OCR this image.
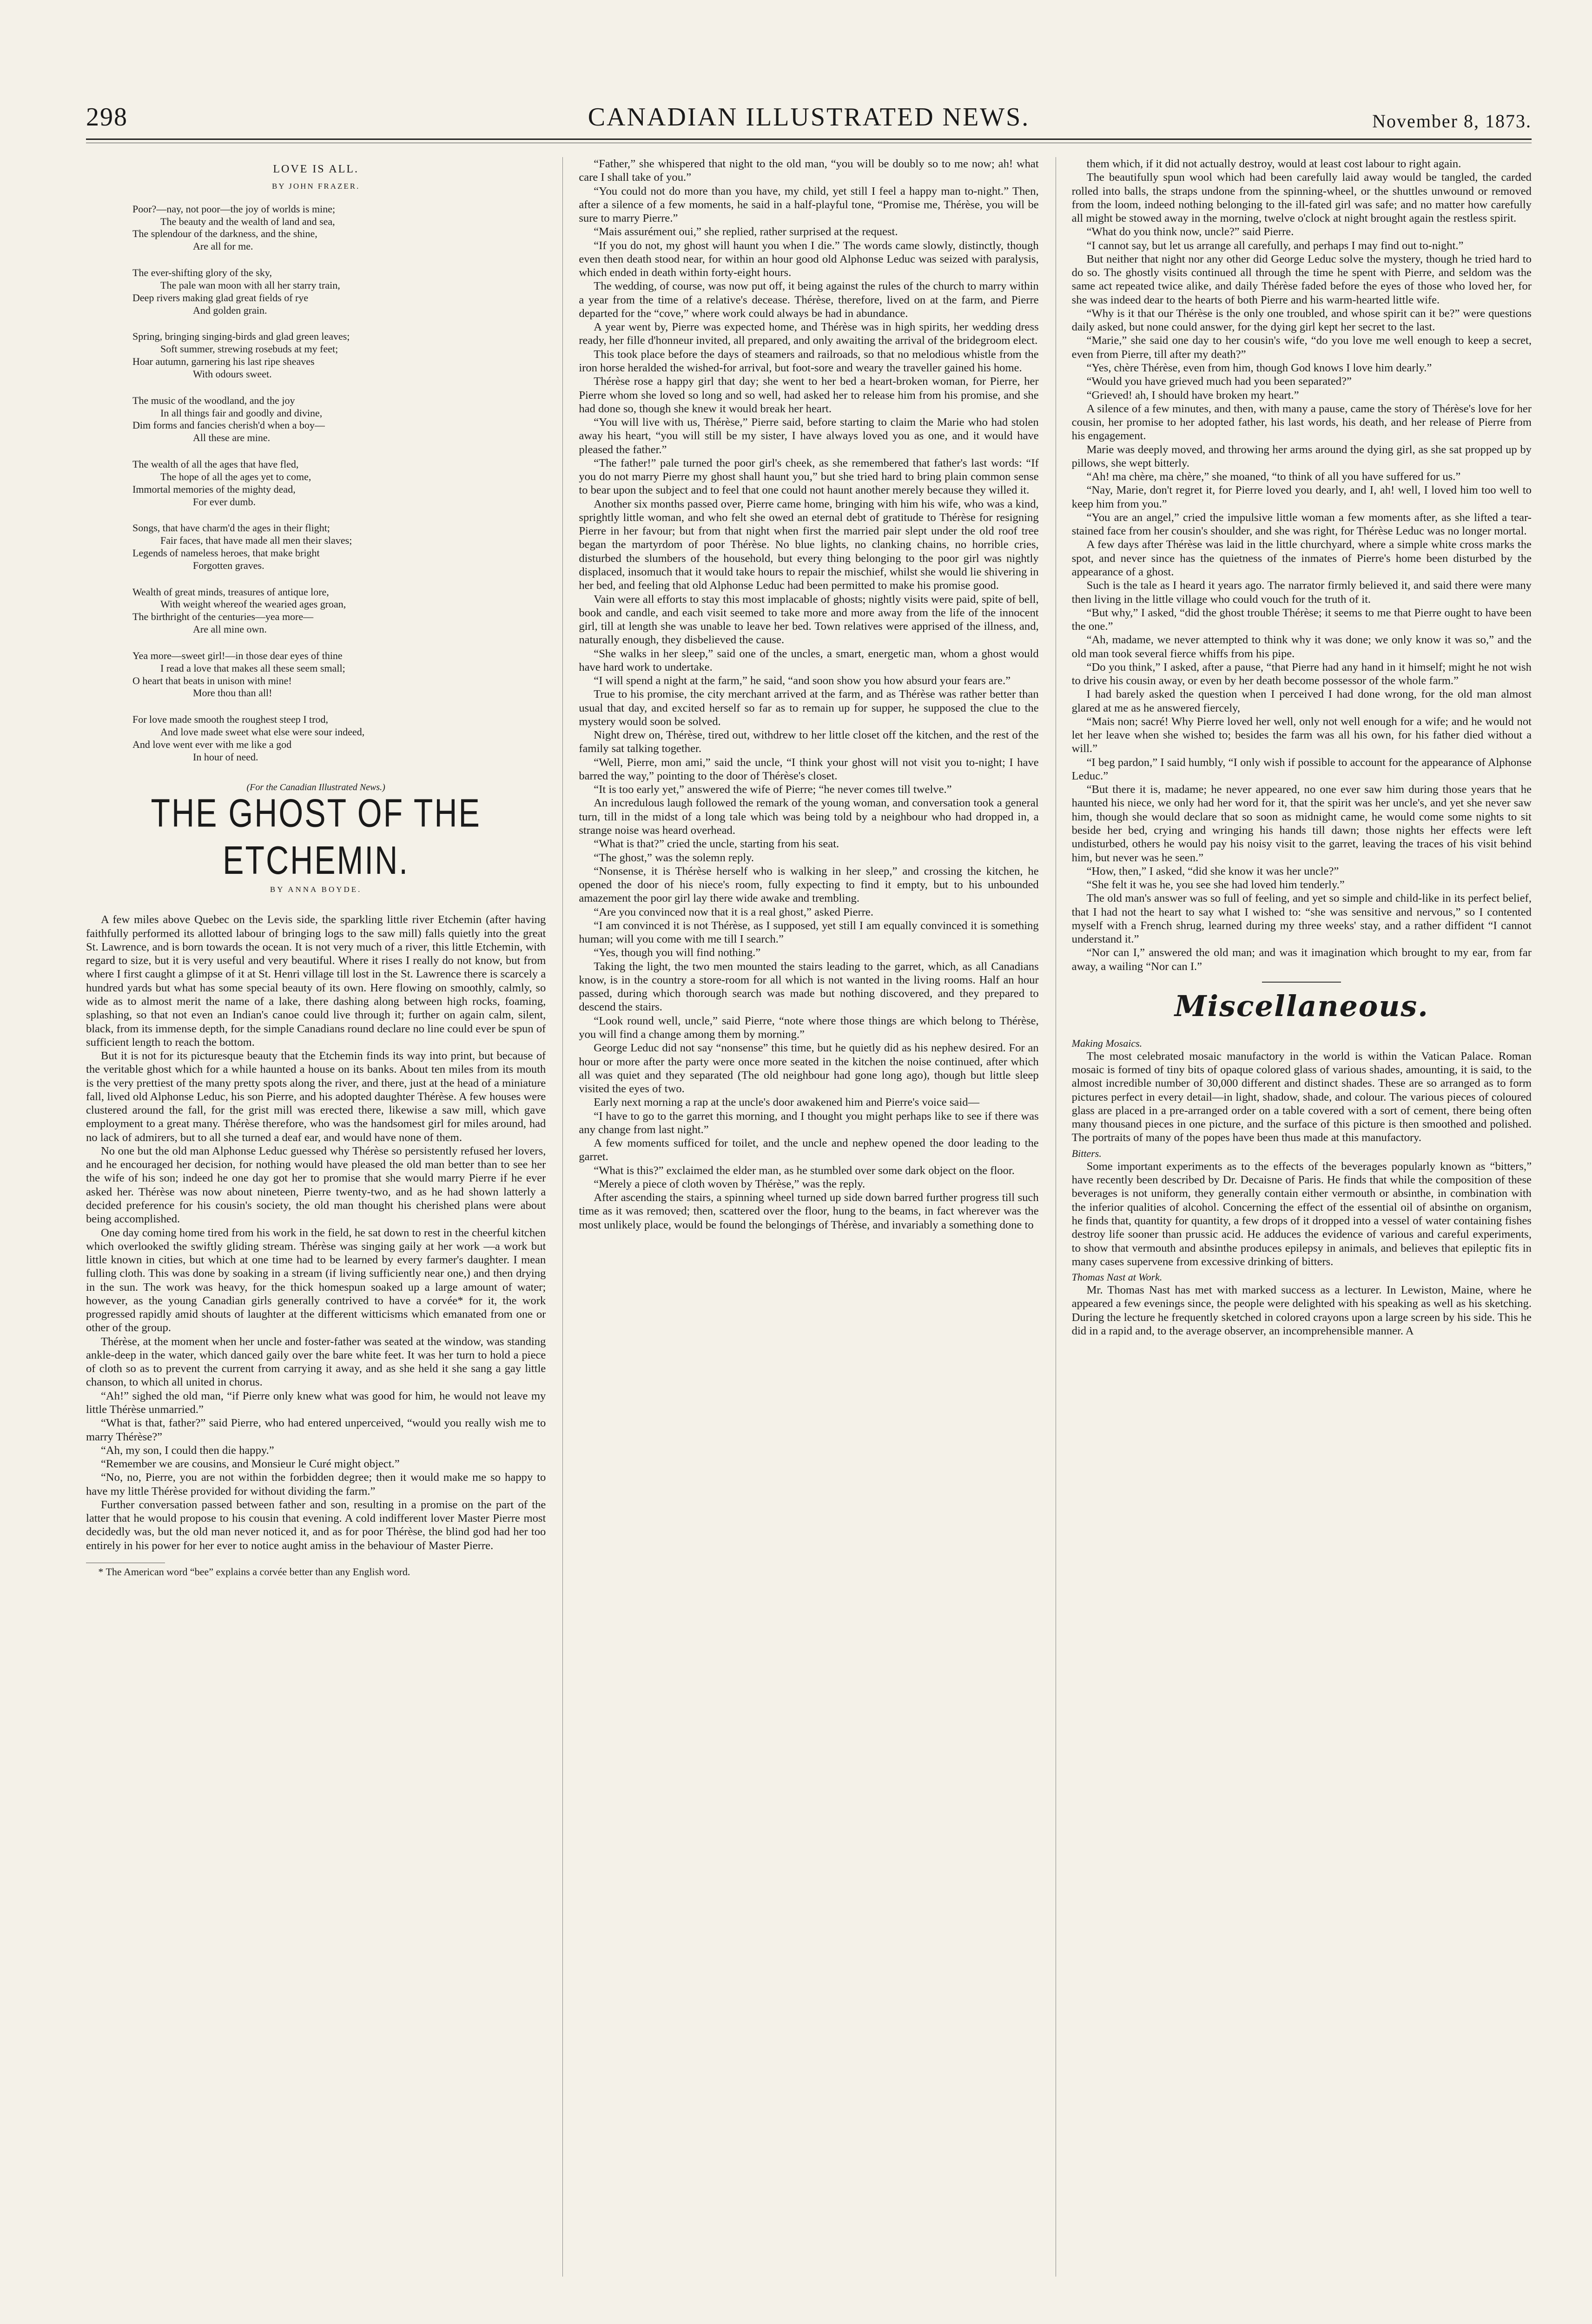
298	CANADIAN ILLUSTRATED NEWS.	November 8, 1873.
LOVE IS ALL.
BY JOHN FRAZER.
Poor?—nay, not poor—the joy of worlds is mine;
The beauty and the wealth of land and sea,
The splendour of the darkness, and the shine,
Are all for me.
The ever-shifting glory of the sky,
The pale wan moon with all her starry train,
Deep rivers making glad great fields of rye
And golden grain.
Spring, bringing singing-birds and glad green leaves;
Soft summer, strewing rosebuds at my feet;
Hoar autumn, garnering his last ripe sheaves
With odours sweet.
The music of the woodland, and the joy
In all things fair and goodly and divine,
Dim forms and fancies cherish'd when a boy—
All these are mine.
The wealth of all the ages that have fled,
The hope of all the ages yet to come,
Immortal memories of the mighty dead,
For ever dumb.
Songs, that have charm'd the ages in their flight;
Fair faces, that have made all men their slaves;
Legends of nameless heroes, that make bright
Forgotten graves.
Wealth of great minds, treasures of antique lore,
With weight whereof the wearied ages groan,
The birthright of the centuries—yea more—
Are all mine own.
Yea more—sweet girl!—in those dear eyes of thine
I read a love that makes all these seem small;
O heart that beats in unison with mine!
More thou than all!
For love made smooth the roughest steep I trod,
And love made sweet what else were sour indeed,
And love went ever with me like a god
In hour of need.
(For the Canadian Illustrated News.)
THE GHOST OF THE ETCHEMIN.
BY ANNA BOYDE.

A few miles above Quebec on the Levis side, the sparkling little river Etchemin (after having faithfully performed its allotted labour of bringing logs to the saw mill) falls quietly into the great St. Lawrence, and is born towards the ocean. It is not very much of a river, this little Etchemin, with regard to size, but it is very useful and very beautiful. Where it rises I really do not know, but from where I first caught a glimpse of it at St. Henri village till lost in the St. Lawrence there is scarcely a hundred yards but what has some special beauty of its own. Here flowing on smoothly, calmly, so wide as to almost merit the name of a lake, there dashing along between high rocks, foaming, splashing, so that not even an Indian's canoe could live through it; further on again calm, silent, black, from its immense depth, for the simple Canadians round declare no line could ever be spun of sufficient length to reach the bottom.

But it is not for its picturesque beauty that the Etchemin finds its way into print, but because of the veritable ghost which for a while haunted a house on its banks. About ten miles from its mouth is the very prettiest of the many pretty spots along the river, and there, just at the head of a miniature fall, lived old Alphonse Leduc, his son Pierre, and his adopted daughter Thérèse. A few houses were clustered around the fall, for the grist mill was erected there, likewise a saw mill, which gave employment to a great many. Thérèse therefore, who was the handsomest girl for miles around, had no lack of admirers, but to all she turned a deaf ear, and would have none of them.

No one but the old man Alphonse Leduc guessed why Thérèse so persistently refused her lovers, and he encouraged her decision, for nothing would have pleased the old man better than to see her the wife of his son; indeed he one day got her to promise that she would marry Pierre if he ever asked her. Thérèse was now about nineteen, Pierre twenty-two, and as he had shown latterly a decided preference for his cousin's society, the old man thought his cherished plans were about being accomplished.

One day coming home tired from his work in the field, he sat down to rest in the cheerful kitchen which overlooked the swiftly gliding stream. Thérèse was singing gaily at her work —a work but little known in cities, but which at one time had to be learned by every farmer's daughter. I mean fulling cloth. This was done by soaking in a stream (if living sufficiently near one,) and then drying in the sun. The work was heavy, for the thick homespun soaked up a large amount of water; however, as the young Canadian girls generally contrived to have a corvée* for it, the work progressed rapidly amid shouts of laughter at the different witticisms which emanated from one or other of the group.

Thérèse, at the moment when her uncle and foster-father was seated at the window, was standing ankle-deep in the water, which danced gaily over the bare white feet. It was her turn to hold a piece of cloth so as to prevent the current from carrying it away, and as she held it she sang a gay little chanson, to which all united in chorus.

“Ah!” sighed the old man, “if Pierre only knew what was good for him, he would not leave my little Thérèse unmarried.”

“What is that, father?” said Pierre, who had entered unperceived, “would you really wish me to marry Thérèse?”

“Ah, my son, I could then die happy.”

“Remember we are cousins, and Monsieur le Curé might object.”

“No, no, Pierre, you are not within the forbidden degree; then it would make me so happy to have my little Thérèse provided for without dividing the farm.”

Further conversation passed between father and son, resulting in a promise on the part of the latter that he would propose to his cousin that evening. A cold indifferent lover Master Pierre most decidedly was, but the old man never noticed it, and as for poor Thérèse, the blind god had her too entirely in his power for her ever to notice aught amiss in the behaviour of Master Pierre.

* The American word “bee” explains a corvée better than any English word.

“Father,” she whispered that night to the old man, “you will be doubly so to me now; ah! what care I shall take of you.”

“You could not do more than you have, my child, yet still I feel a happy man to-night.” Then, after a silence of a few moments, he said in a half-playful tone, “Promise me, Thérèse, you will be sure to marry Pierre.”

“Mais assurément oui,” she replied, rather surprised at the request.

“If you do not, my ghost will haunt you when I die.” The words came slowly, distinctly, though even then death stood near, for within an hour good old Alphonse Leduc was seized with paralysis, which ended in death within forty-eight hours.

The wedding, of course, was now put off, it being against the rules of the church to marry within a year from the time of a relative's decease. Thérèse, therefore, lived on at the farm, and Pierre departed for the “cove,” where work could always be had in abundance.

A year went by, Pierre was expected home, and Thérèse was in high spirits, her wedding dress ready, her fille d'honneur invited, all prepared, and only awaiting the arrival of the bridegroom elect.

This took place before the days of steamers and railroads, so that no melodious whistle from the iron horse heralded the wished-for arrival, but foot-sore and weary the traveller gained his home.

Thérèse rose a happy girl that day; she went to her bed a heart-broken woman, for Pierre, her Pierre whom she loved so long and so well, had asked her to release him from his promise, and she had done so, though she knew it would break her heart.

“You will live with us, Thérèse,” Pierre said, before starting to claim the Marie who had stolen away his heart, “you will still be my sister, I have always loved you as one, and it would have pleased the father.”

“The father!” pale turned the poor girl's cheek, as she remembered that father's last words: “If you do not marry Pierre my ghost shall haunt you,” but she tried hard to bring plain common sense to bear upon the subject and to feel that one could not haunt another merely because they willed it.

Another six months passed over, Pierre came home, bringing with him his wife, who was a kind, sprightly little woman, and who felt she owed an eternal debt of gratitude to Thérèse for resigning Pierre in her favour; but from that night when first the married pair slept under the old roof tree began the martyrdom of poor Thérèse. No blue lights, no clanking chains, no horrible cries, disturbed the slumbers of the household, but every thing belonging to the poor girl was nightly displaced, insomuch that it would take hours to repair the mischief, whilst she would lie shivering in her bed, and feeling that old Alphonse Leduc had been permitted to make his promise good.

Vain were all efforts to stay this most implacable of ghosts; nightly visits were paid, spite of bell, book and candle, and each visit seemed to take more and more away from the life of the innocent girl, till at length she was unable to leave her bed. Town relatives were apprised of the illness, and, naturally enough, they disbelieved the cause.

“She walks in her sleep,” said one of the uncles, a smart, energetic man, whom a ghost would have hard work to undertake.

“I will spend a night at the farm,” he said, “and soon show you how absurd your fears are.”

True to his promise, the city merchant arrived at the farm, and as Thérèse was rather better than usual that day, and excited herself so far as to remain up for supper, he supposed the clue to the mystery would soon be solved.

Night drew on, Thérèse, tired out, withdrew to her little closet off the kitchen, and the rest of the family sat talking together.

“Well, Pierre, mon ami,” said the uncle, “I think your ghost will not visit you to-night; I have barred the way,” pointing to the door of Thérèse's closet.

“It is too early yet,” answered the wife of Pierre; “he never comes till twelve.”

An incredulous laugh followed the remark of the young woman, and conversation took a general turn, till in the midst of a long tale which was being told by a neighbour who had dropped in, a strange noise was heard overhead.

“What is that?” cried the uncle, starting from his seat.

“The ghost,” was the solemn reply.

“Nonsense, it is Thérèse herself who is walking in her sleep,” and crossing the kitchen, he opened the door of his niece's room, fully expecting to find it empty, but to his unbounded amazement the poor girl lay there wide awake and trembling.

“Are you convinced now that it is a real ghost,” asked Pierre.

“I am convinced it is not Thérèse, as I supposed, yet still I am equally convinced it is something human; will you come with me till I search.”

“Yes, though you will find nothing.”

Taking the light, the two men mounted the stairs leading to the garret, which, as all Canadians know, is in the country a store-room for all which is not wanted in the living rooms. Half an hour passed, during which thorough search was made but nothing discovered, and they prepared to descend the stairs.

“Look round well, uncle,” said Pierre, “note where those things are which belong to Thérèse, you will find a change among them by morning.”

George Leduc did not say “nonsense” this time, but he quietly did as his nephew desired. For an hour or more after the party were once more seated in the kitchen the noise continued, after which all was quiet and they separated (The old neighbour had gone long ago), though but little sleep visited the eyes of two.

Early next morning a rap at the uncle's door awakened him and Pierre's voice said—

“I have to go to the garret this morning, and I thought you might perhaps like to see if there was any change from last night.”

A few moments sufficed for toilet, and the uncle and nephew opened the door leading to the garret.

“What is this?” exclaimed the elder man, as he stumbled over some dark object on the floor.

“Merely a piece of cloth woven by Thérèse,” was the reply.

After ascending the stairs, a spinning wheel turned up side down barred further progress till such time as it was removed; then, scattered over the floor, hung to the beams, in fact wherever was the most unlikely place, would be found the belongings of Thérèse, and invariably a something done to

them which, if it did not actually destroy, would at least cost labour to right again.

The beautifully spun wool which had been carefully laid away would be tangled, the carded rolled into balls, the straps undone from the spinning-wheel, or the shuttles unwound or removed from the loom, indeed nothing belonging to the ill-fated girl was safe; and no matter how carefully all might be stowed away in the morning, twelve o'clock at night brought again the restless spirit.

“What do you think now, uncle?” said Pierre.

“I cannot say, but let us arrange all carefully, and perhaps I may find out to-night.”

But neither that night nor any other did George Leduc solve the mystery, though he tried hard to do so. The ghostly visits continued all through the time he spent with Pierre, and seldom was the same act repeated twice alike, and daily Thérèse faded before the eyes of those who loved her, for she was indeed dear to the hearts of both Pierre and his warm-hearted little wife.

“Why is it that our Thérèse is the only one troubled, and whose spirit can it be?” were questions daily asked, but none could answer, for the dying girl kept her secret to the last.

“Marie,” she said one day to her cousin's wife, “do you love me well enough to keep a secret, even from Pierre, till after my death?”

“Yes, chère Thérèse, even from him, though God knows I love him dearly.”

“Would you have grieved much had you been separated?”

“Grieved! ah, I should have broken my heart.”

A silence of a few minutes, and then, with many a pause, came the story of Thérèse's love for her cousin, her promise to her adopted father, his last words, his death, and her release of Pierre from his engagement.

Marie was deeply moved, and throwing her arms around the dying girl, as she sat propped up by pillows, she wept bitterly.

“Ah! ma chère, ma chère,” she moaned, “to think of all you have suffered for us.”

“Nay, Marie, don't regret it, for Pierre loved you dearly, and I, ah! well, I loved him too well to keep him from you.”

“You are an angel,” cried the impulsive little woman a few moments after, as she lifted a tear-stained face from her cousin's shoulder, and she was right, for Thérèse Leduc was no longer mortal.

A few days after Thérèse was laid in the little churchyard, where a simple white cross marks the spot, and never since has the quietness of the inmates of Pierre's home been disturbed by the appearance of a ghost.

Such is the tale as I heard it years ago. The narrator firmly believed it, and said there were many then living in the little village who could vouch for the truth of it.

“But why,” I asked, “did the ghost trouble Thérèse; it seems to me that Pierre ought to have been the one.”

“Ah, madame, we never attempted to think why it was done; we only know it was so,” and the old man took several fierce whiffs from his pipe.

“Do you think,” I asked, after a pause, “that Pierre had any hand in it himself; might he not wish to drive his cousin away, or even by her death become possessor of the whole farm.”

I had barely asked the question when I perceived I had done wrong, for the old man almost glared at me as he answered fiercely,

“Mais non; sacré! Why Pierre loved her well, only not well enough for a wife; and he would not let her leave when she wished to; besides the farm was all his own, for his father died without a will.”

“I beg pardon,” I said humbly, “I only wish if possible to account for the appearance of Alphonse Leduc.”

“But there it is, madame; he never appeared, no one ever saw him during those years that he haunted his niece, we only had her word for it, that the spirit was her uncle's, and yet she never saw him, though she would declare that so soon as midnight came, he would come some nights to sit beside her bed, crying and wringing his hands till dawn; those nights her effects were left undisturbed, others he would pay his noisy visit to the garret, leaving the traces of his visit behind him, but never was he seen.”

“How, then,” I asked, “did she know it was her uncle?”

“She felt it was he, you see she had loved him tenderly.”

The old man's answer was so full of feeling, and yet so simple and child-like in its perfect belief, that I had not the heart to say what I wished to: “she was sensitive and nervous,” so I contented myself with a French shrug, learned during my three weeks' stay, and a rather diffident “I cannot understand it.”

“Nor can I,” answered the old man; and was it imagination which brought to my ear, from far away, a wailing “Nor can I.”

Miscellaneous.
Making Mosaics.

The most celebrated mosaic manufactory in the world is within the Vatican Palace. Roman mosaic is formed of tiny bits of opaque colored glass of various shades, amounting, it is said, to the almost incredible number of 30,000 different and distinct shades. These are so arranged as to form pictures perfect in every detail—in light, shadow, shade, and colour. The various pieces of coloured glass are placed in a pre-arranged order on a table covered with a sort of cement, there being often many thousand pieces in one picture, and the surface of this picture is then smoothed and polished. The portraits of many of the popes have been thus made at this manufactory.

Bitters.

Some important experiments as to the effects of the beverages popularly known as “bitters,” have recently been described by Dr. Decaisne of Paris. He finds that while the composition of these beverages is not uniform, they generally contain either vermouth or absinthe, in combination with the inferior qualities of alcohol. Concerning the effect of the essential oil of absinthe on organism, he finds that, quantity for quantity, a few drops of it dropped into a vessel of water containing fishes destroy life sooner than prussic acid. He adduces the evidence of various and careful experiments, to show that vermouth and absinthe produces epilepsy in animals, and believes that epileptic fits in many cases supervene from excessive drinking of bitters.

Thomas Nast at Work.

Mr. Thomas Nast has met with marked success as a lecturer. In Lewiston, Maine, where he appeared a few evenings since, the people were delighted with his speaking as well as his sketching. During the lecture he frequently sketched in colored crayons upon a large screen by his side. This he did in a rapid and, to the average observer, an incomprehensible manner. A
